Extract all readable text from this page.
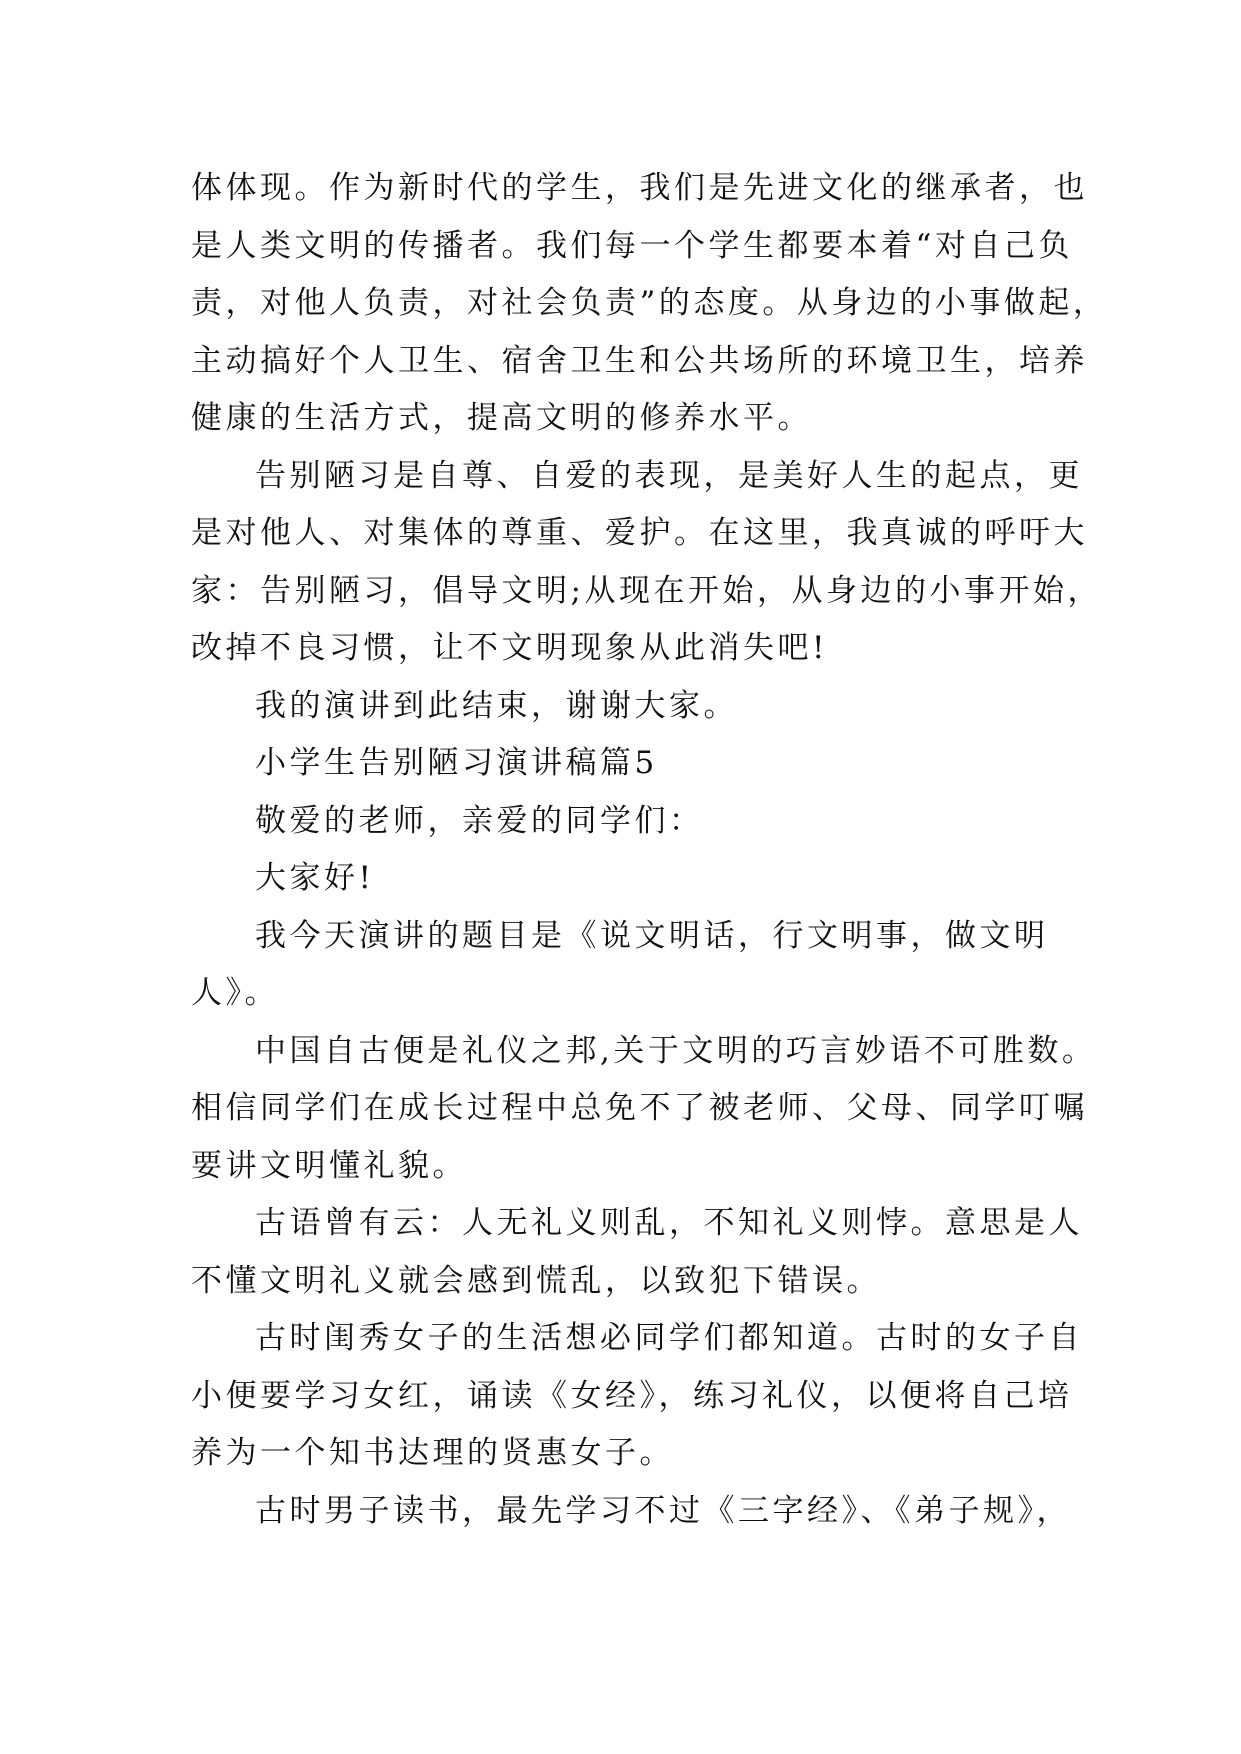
体体现。作为新时代的学生，我们是先进文化的继承者，也
是人类文明的传播者。我们每一个学生都要本着“对自己负
责，对他人负责，对社会负责”的态度。从身边的小事做起，
主动搞好个人卫生、宿舍卫生和公共场所的环境卫生，培养
健康的生活方式，提高文明的修养水平。
告别陋习是自尊、自爱的表现，是美好人生的起点，更
是对他人、对集体的尊重、爱护。在这里，我真诚的呼吁大
家：告别陋习，倡导文明;从现在开始，从身边的小事开始，
改掉不良习惯，让不文明现象从此消失吧!
我的演讲到此结束，谢谢大家。
小学生告别陋习演讲稿篇5
敬爱的老师，亲爱的同学们：
大家好!
我今天演讲的题目是《说文明话，行文明事，做文明
人》。
中国自古便是礼仪之邦,关于文明的巧言妙语不可胜数。
相信同学们在成长过程中总免不了被老师、父母、同学叮嘱
要讲文明懂礼貌。
古语曾有云：人无礼义则乱，不知礼义则悖。意思是人
不懂文明礼义就会感到慌乱，以致犯下错误。
古时闺秀女子的生活想必同学们都知道。古时的女子自
小便要学习女红，诵读《女经》，练习礼仪，以便将自己培
养为一个知书达理的贤惠女子。
古时男子读书，最先学习不过《三字经》、《弟子规》，
